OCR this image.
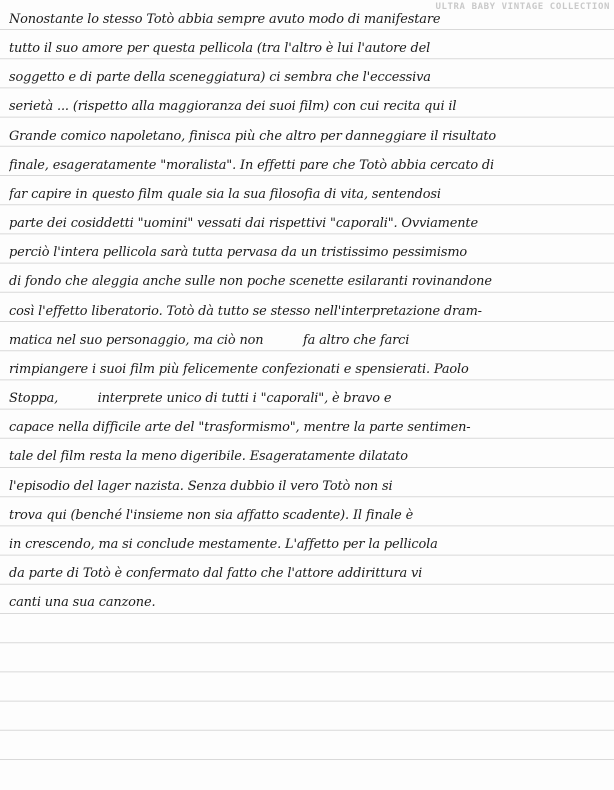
ULTRA BABY VINTAGE COLLECTION
Nonostante lo stesso Totò abbia sempre avuto modo di manifestare
tutto il suo amore per questa pellicola (tra l'altro è lui l'autore del
soggetto e di parte della sceneggiatura) ci sembra che l'eccessiva
serietà ... (rispetto alla maggioranza dei suoi film) con cui recita qui il
Grande comico napoletano, finisca più che altro per danneggiare il risultato
finale, esageratamente "moralista". In effetti pare che Totò abbia cercato di
far capire in questo film quale sia la sua filosofia di vita, sentendosi
parte dei cosiddetti "uomini" vessati dai rispettivi "caporali". Ovviamente
perciò l'intera pellicola sarà tutta pervasa da un tristissimo pessimismo
di fondo che aleggia anche sulle non poche scenette esilaranti rovinandone
così l'effetto liberatorio. Totò dà tutto se stesso nell'interpretazione dram-
matica nel suo personaggio, ma ciò non          fa altro che farci
rimpiangere i suoi film più felicemente confezionati e spensierati. Paolo
Stoppa,          interprete unico di tutti i "caporali", è bravo e
capace nella difficile arte del "trasformismo", mentre la parte sentimen-
tale del film resta la meno digeribile. Esageratamente dilatato
l'episodio del lager nazista. Senza dubbio il vero Totò non si
trova qui (benché l'insieme non sia affatto scadente). Il finale è
in crescendo, ma si conclude mestamente. L'affetto per la pellicola
da parte di Totò è confermato dal fatto che l'attore addirittura vi
canti una sua canzone.
